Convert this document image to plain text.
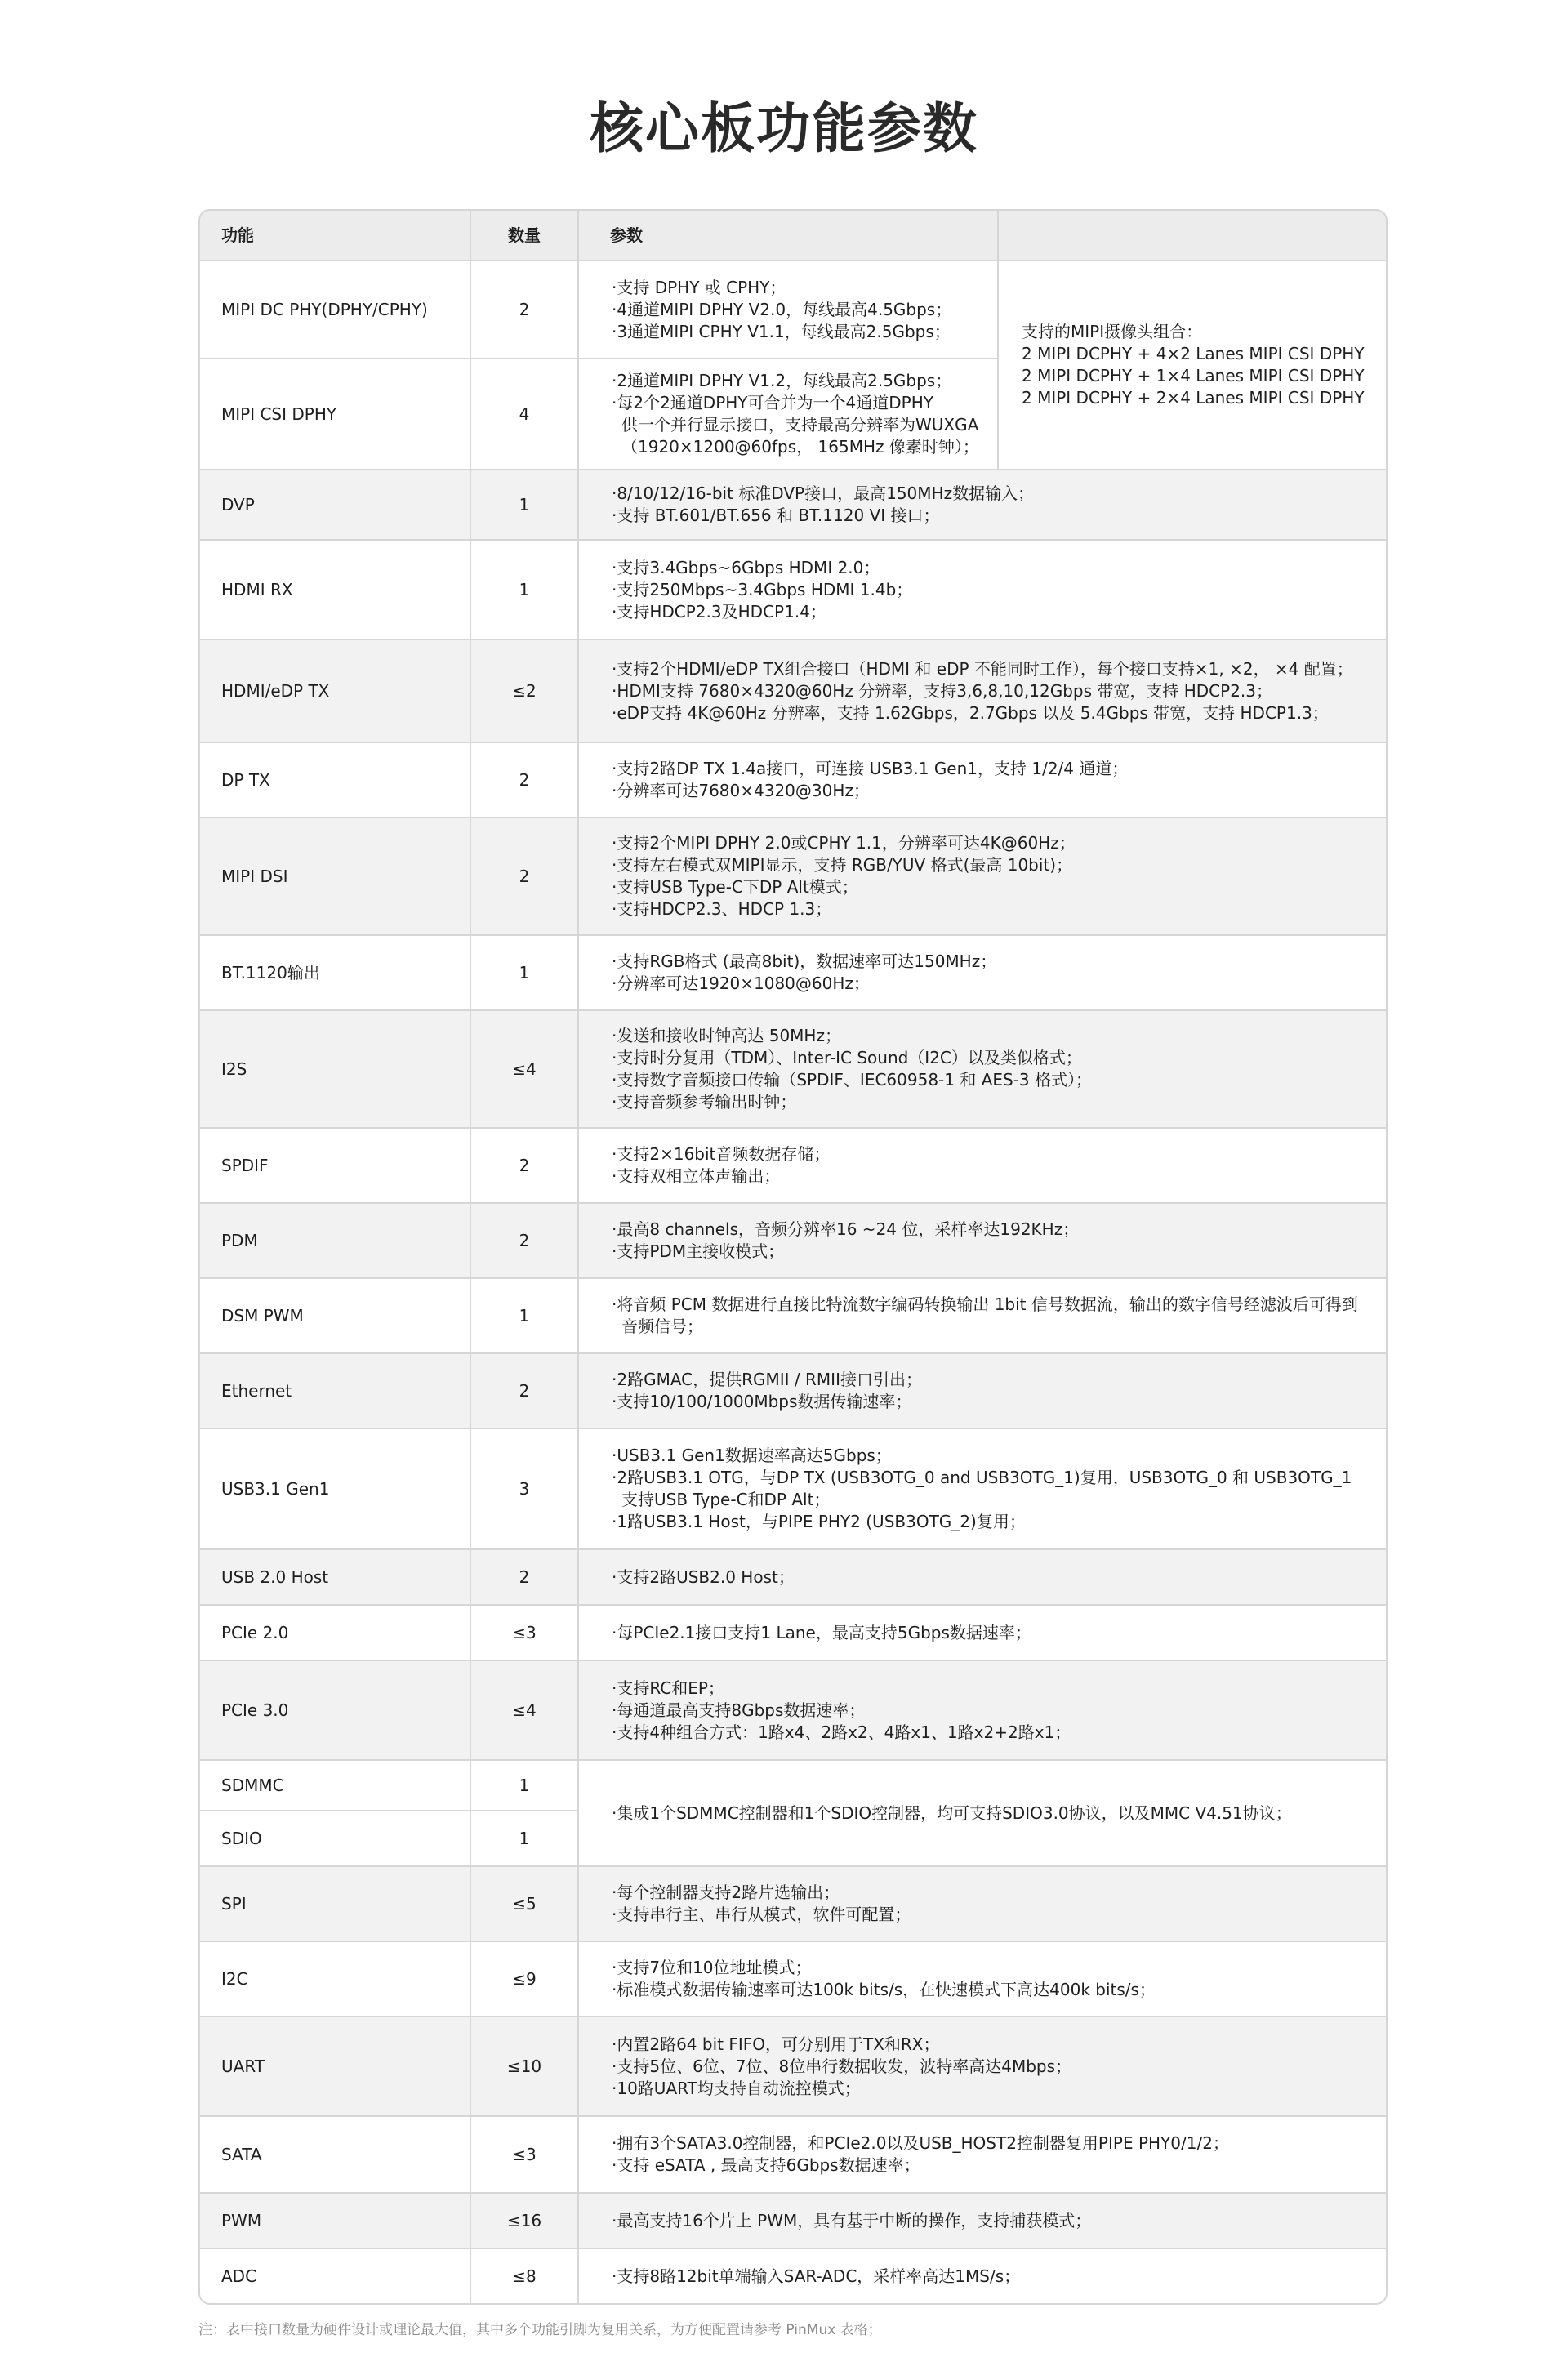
核心板功能参数
功能	数量	参数	
MIPI DC PHY(DPHY/CPHY)	2	·支持 DPHY 或 CPHY；
·4通道MIPI DPHY V2.0，每线最高4.5Gbps；
·3通道MIPI CPHY V1.1，每线最高2.5Gbps；	支持的MIPI摄像头组合：
2 MIPI DCPHY + 4×2 Lanes MIPI CSI DPHY
2 MIPI DCPHY + 1×4 Lanes MIPI CSI DPHY
2 MIPI DCPHY + 2×4 Lanes MIPI CSI DPHY

MIPI CSI DPHY	4	·2通道MIPI DPHY V1.2，每线最高2.5Gbps；
·每2个2通道DPHY可合并为一个4通道DPHY
供一个并行显示接口，支持最高分辨率为WUXGA
（1920×1200@60fps， 165MHz 像素时钟）；	

DVP	1	·8/10/12/16-bit 标准DVP接口，最高150MHz数据输入；
·支持 BT.601/BT.656 和 BT.1120 VI 接口；	

HDMI RX	1	·支持3.4Gbps~6Gbps HDMI 2.0；
·支持250Mbps~3.4Gbps HDMI 1.4b；
·支持HDCP2.3及HDCP1.4；	

HDMI/eDP TX	≤2	·支持2个HDMI/eDP TX组合接口（HDMI 和 eDP 不能同时工作），每个接口支持×1, ×2， ×4 配置；
·HDMI支持 7680×4320@60Hz 分辨率，支持3,6,8,10,12Gbps 带宽，支持 HDCP2.3；
·eDP支持 4K@60Hz 分辨率，支持 1.62Gbps，2.7Gbps 以及 5.4Gbps 带宽，支持 HDCP1.3；	

DP TX	2	·支持2路DP TX 1.4a接口，可连接 USB3.1 Gen1，支持 1/2/4 通道；
·分辨率可达7680×4320@30Hz；	

MIPI DSI	2	·支持2个MIPI DPHY 2.0或CPHY 1.1，分辨率可达4K@60Hz；
·支持左右模式双MIPI显示，支持 RGB/YUV 格式(最高 10bit)；
·支持USB Type-C下DP Alt模式；
·支持HDCP2.3、HDCP 1.3；	

BT.1120输出	1	·支持RGB格式 (最高8bit)，数据速率可达150MHz；
·分辨率可达1920×1080@60Hz；	

I2S	≤4	·发送和接收时钟高达 50MHz；
·支持时分复用（TDM）、Inter-IC Sound（I2C）以及类似格式；
·支持数字音频接口传输（SPDIF、IEC60958-1 和 AES-3 格式）；
·支持音频参考输出时钟；	

SPDIF	2	·支持2×16bit音频数据存储；
·支持双相立体声输出；	

PDM	2	·最高8 channels，音频分辨率16 ~24 位，采样率达192KHz；
·支持PDM主接收模式；	

DSM PWM	1	·将音频 PCM 数据进行直接比特流数字编码转换输出 1bit 信号数据流，输出的数字信号经滤波后可得到
音频信号；	

Ethernet	2	·2路GMAC，提供RGMII / RMII接口引出；
·支持10/100/1000Mbps数据传输速率；	

USB3.1 Gen1	3	·USB3.1 Gen1数据速率高达5Gbps；
·2路USB3.1 OTG，与DP TX (USB3OTG_0 and USB3OTG_1)复用，USB3OTG_0 和 USB3OTG_1
支持USB Type-C和DP Alt；
·1路USB3.1 Host，与PIPE PHY2 (USB3OTG_2)复用；	

USB 2.0 Host	2	·支持2路USB2.0 Host；	

PCIe 2.0	≤3	·每PCIe2.1接口支持1 Lane，最高支持5Gbps数据速率；	

PCIe 3.0	≤4	·支持RC和EP；
·每通道最高支持8Gbps数据速率；
·支持4种组合方式：1路x4、2路x2、4路x1、1路x2+2路x1；	

SDMMC	1	·集成1个SDMMC控制器和1个SDIO控制器，均可支持SDIO3.0协议，以及MMC V4.51协议；	

SDIO	1		
SPI	≤5	·每个控制器支持2路片选输出；
·支持串行主、串行从模式，软件可配置；	

I2C	≤9	·支持7位和10位地址模式；
·标准模式数据传输速率可达100k bits/s，在快速模式下高达400k bits/s；	

UART	≤10	·内置2路64 bit FIFO，可分别用于TX和RX；
·支持5位、6位、7位、8位串行数据收发，波特率高达4Mbps；
·10路UART均支持自动流控模式；	

SATA	≤3	·拥有3个SATA3.0控制器，和PCIe2.0以及USB_HOST2控制器复用PIPE PHY0/1/2；
·支持 eSATA , 最高支持6Gbps数据速率；	

PWM	≤16	·最高支持16个片上 PWM，具有基于中断的操作，支持捕获模式；	

ADC	≤8	·支持8路12bit单端输入SAR-ADC，采样率高达1MS/s；	
注：表中接口数量为硬件设计或理论最大值，其中多个功能引脚为复用关系，为方便配置请参考 PinMux 表格；
